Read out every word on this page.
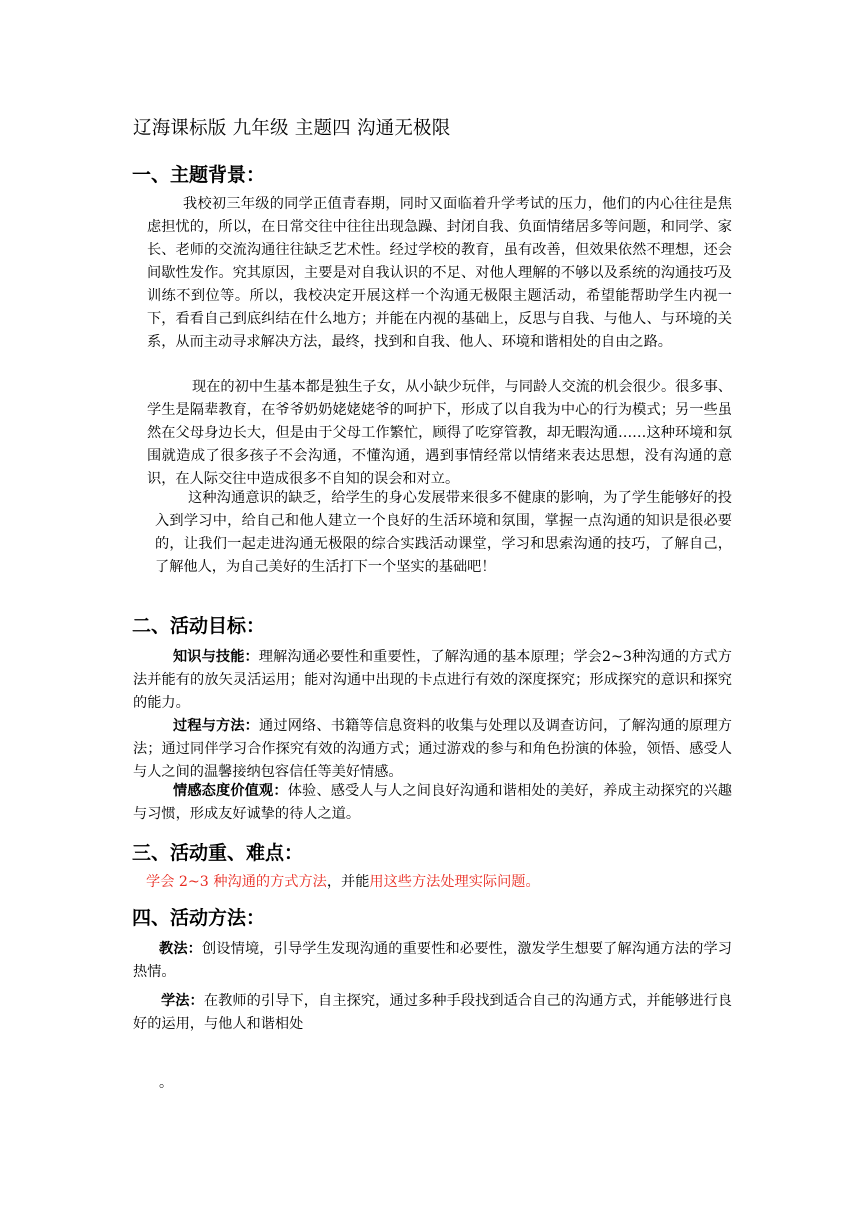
辽海课标版 九年级 主题四 沟通无极限
一、主题背景：
我校初三年级的同学正值青春期，同时又面临着升学考试的压力，他们的内心往往是焦虑担忧的，所以，在日常交往中往往出现急躁、封闭自我、负面情绪居多等问题，和同学、家长、老师的交流沟通往往缺乏艺术性。经过学校的教育，虽有改善，但效果依然不理想，还会间歇性发作。究其原因，主要是对自我认识的不足、对他人理解的不够以及系统的沟通技巧及训练不到位等。所以，我校决定开展这样一个沟通无极限主题活动，希望能帮助学生内视一下，看看自己到底纠结在什么地方；并能在内视的基础上，反思与自我、与他人、与环境的关系，从而主动寻求解决方法，最终，找到和自我、他人、环境和谐相处的自由之路。
现在的初中生基本都是独生子女，从小缺少玩伴，与同龄人交流的机会很少。很多事、学生是隔辈教育，在爷爷奶奶姥姥姥爷的呵护下，形成了以自我为中心的行为模式；另一些虽然在父母身边长大，但是由于父母工作繁忙，顾得了吃穿管教，却无暇沟通……这种环境和氛围就造成了很多孩子不会沟通，不懂沟通，遇到事情经常以情绪来表达思想，没有沟通的意识，在人际交往中造成很多不自知的误会和对立。
这种沟通意识的缺乏，给学生的身心发展带来很多不健康的影响，为了学生能够好的投入到学习中，给自己和他人建立一个良好的生活环境和氛围，掌握一点沟通的知识是很必要的，让我们一起走进沟通无极限的综合实践活动课堂，学习和思索沟通的技巧，了解自己，了解他人，为自己美好的生活打下一个坚实的基础吧！
二、活动目标：
知识与技能：理解沟通必要性和重要性，了解沟通的基本原理；学会2~3种沟通的方式方法并能有的放矢灵活运用；能对沟通中出现的卡点进行有效的深度探究；形成探究的意识和探究的能力。
过程与方法：通过网络、书籍等信息资料的收集与处理以及调查访问，了解沟通的原理方法；通过同伴学习合作探究有效的沟通方式；通过游戏的参与和角色扮演的体验，领悟、感受人与人之间的温馨接纳包容信任等美好情感。
情感态度价值观：体验、感受人与人之间良好沟通和谐相处的美好，养成主动探究的兴趣与习惯，形成友好诚挚的待人之道。
三、活动重、难点：
学会 2~3 种沟通的方式方法，并能用这些方法处理实际问题。
四、活动方法：
教法：创设情境，引导学生发现沟通的重要性和必要性，激发学生想要了解沟通方法的学习热情。
学法：在教师的引导下，自主探究，通过多种手段找到适合自己的沟通方式，并能够进行良好的运用，与他人和谐相处
。
